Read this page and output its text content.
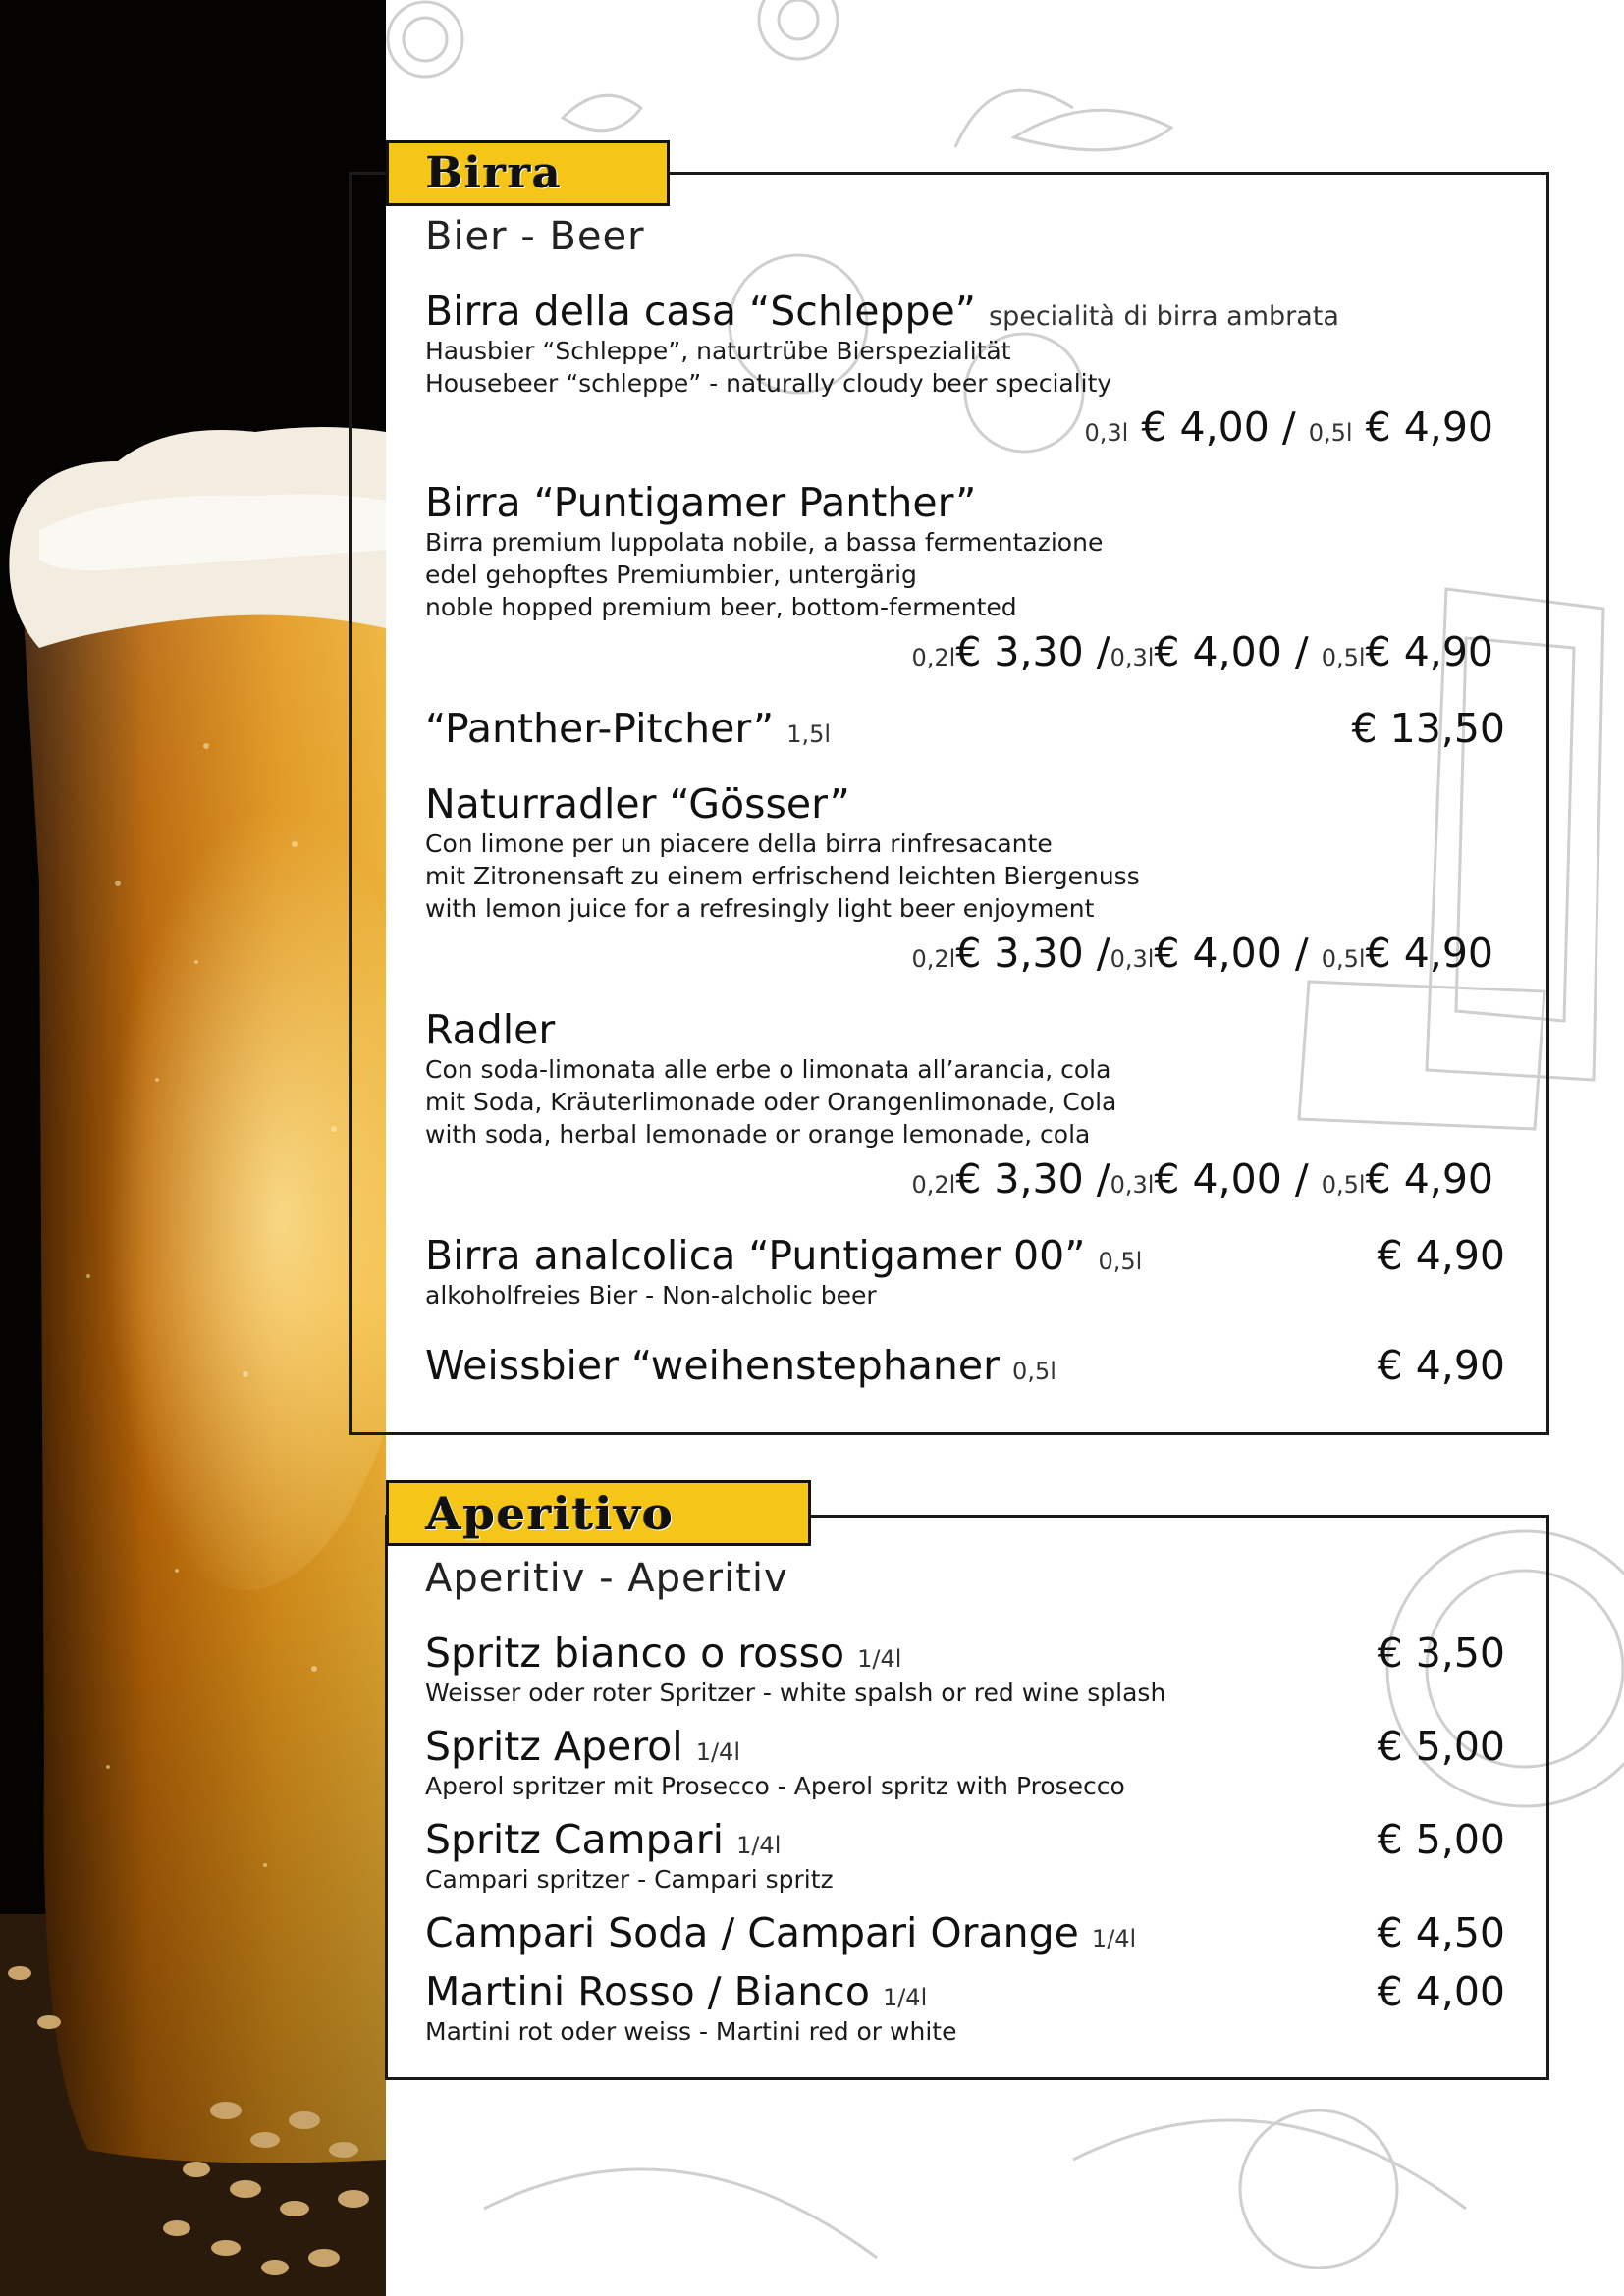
Birra
Bier - Beer
Birra della casa “Schleppe” specialità di birra ambrata
Hausbier “Schleppe”, naturtrübe Bierspezialität
Housebeer “schleppe” - naturally cloudy beer speciality
0,3l € 4,00 / 0,5l € 4,90
Birra “Puntigamer Panther”
Birra premium luppolata nobile, a bassa fermentazione
edel gehopftes Premiumbier, untergärig
noble hopped premium beer, bottom-fermented
0,2l€ 3,30 /0,3l€ 4,00 / 0,5l€ 4,90
“Panther-Pitcher” 1,5l	€ 13,50
Naturradler “Gösser”
Con limone per un piacere della birra rinfresacante
mit Zitronensaft zu einem erfrischend leichten Biergenuss
with lemon juice for a refresingly light beer enjoyment
0,2l€ 3,30 /0,3l€ 4,00 / 0,5l€ 4,90
Radler
Con soda-limonata alle erbe o limonata all’arancia, cola
mit Soda, Kräuterlimonade oder Orangenlimonade, Cola
with soda, herbal lemonade or orange lemonade, cola
0,2l€ 3,30 /0,3l€ 4,00 / 0,5l€ 4,90
Birra analcolica “Puntigamer 00” 0,5l
alkoholfreies Bier - Non-alcholic beer
€ 4,90
Weissbier “weihenstephaner 0,5l	€ 4,90
Aperitivo
Aperitiv - Aperitiv
Spritz bianco o rosso 1/4l
Weisser oder roter Spritzer - white spalsh or red wine splash
€ 3,50
Spritz Aperol 1/4l
Aperol spritzer mit Prosecco - Aperol spritz with Prosecco
€ 5,00
Spritz Campari 1/4l
Campari spritzer - Campari spritz
€ 5,00
Campari Soda / Campari Orange 1/4l	€ 4,50
Martini Rosso / Bianco 1/4l
Martini rot oder weiss - Martini red or white
€ 4,00
